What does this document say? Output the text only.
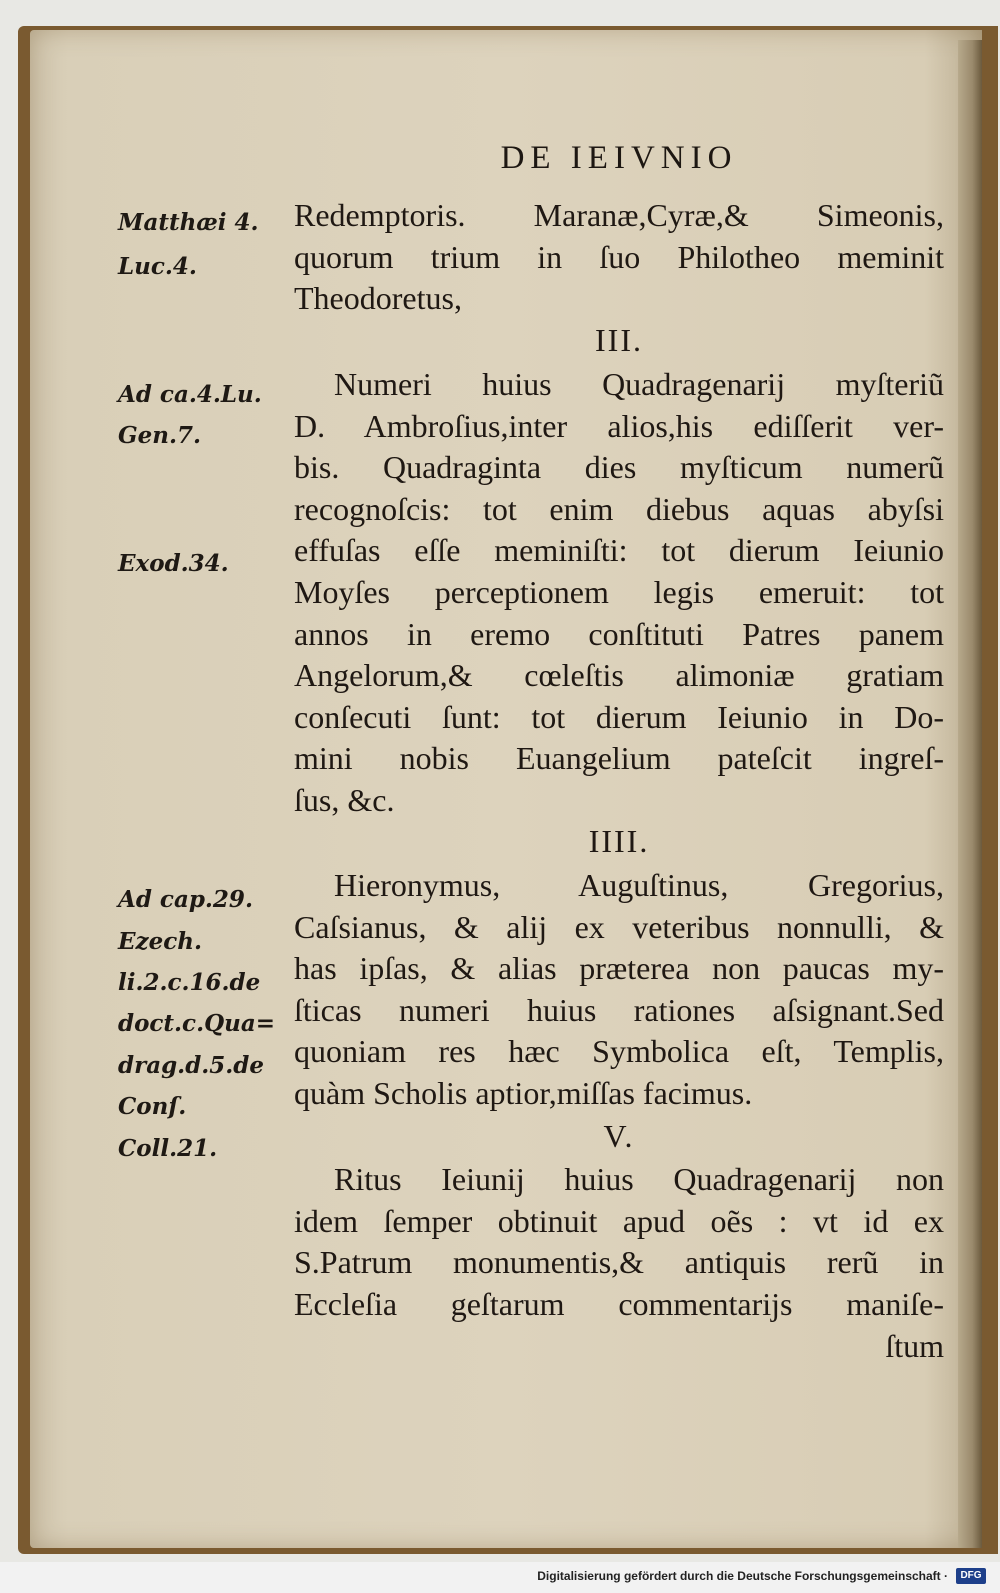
DE IEIVNIO
Matthæi 4.
Luc.4.
Ad ca.4.Lu.
Gen.7.
Exod.34.
Ad cap.29.
Ezech.
li.2.c.16.de
doct.c.Qua=
drag.d.5.de
Conſ.
Coll.21.
Redemptoris. Maranæ,Cyræ,& Simeonis,
quorum trium in ſuo Philotheo meminit
Theodoretus,
III.
Numeri huius Quadragenarij myſteriũ
D. Ambroſius,inter alios,his ediſſerit ver-
bis. Quadraginta dies myſticum numerũ
recognoſcis: tot enim diebus aquas abyſsi
effuſas eſſe meminiſti: tot dierum Ieiunio
Moyſes perceptionem legis emeruit: tot
annos in eremo conſtituti Patres panem
Angelorum,& cœleſtis alimoniæ gratiam
conſecuti ſunt: tot dierum Ieiunio in Do-
mini nobis Euangelium pateſcit ingreſ-
ſus, &c.
IIII.
Hieronymus, Auguſtinus, Gregorius,
Caſsianus, & alij ex veteribus nonnulli, &
has ipſas, & alias præterea non paucas my-
ſticas numeri huius rationes aſsignant.Sed
quoniam res hæc Symbolica eſt, Templis,
quàm Scholis aptior,miſſas facimus.
V.
Ritus Ieiunij huius Quadragenarij non
idem ſemper obtinuit apud oẽs : vt id ex
S.Patrum monumentis,& antiquis rerũ in
Eccleſia geſtarum commentarijs maniſe-
ſtum
Digitalisierung gefördert durch die Deutsche Forschungsgemeinschaft ·	DFG
